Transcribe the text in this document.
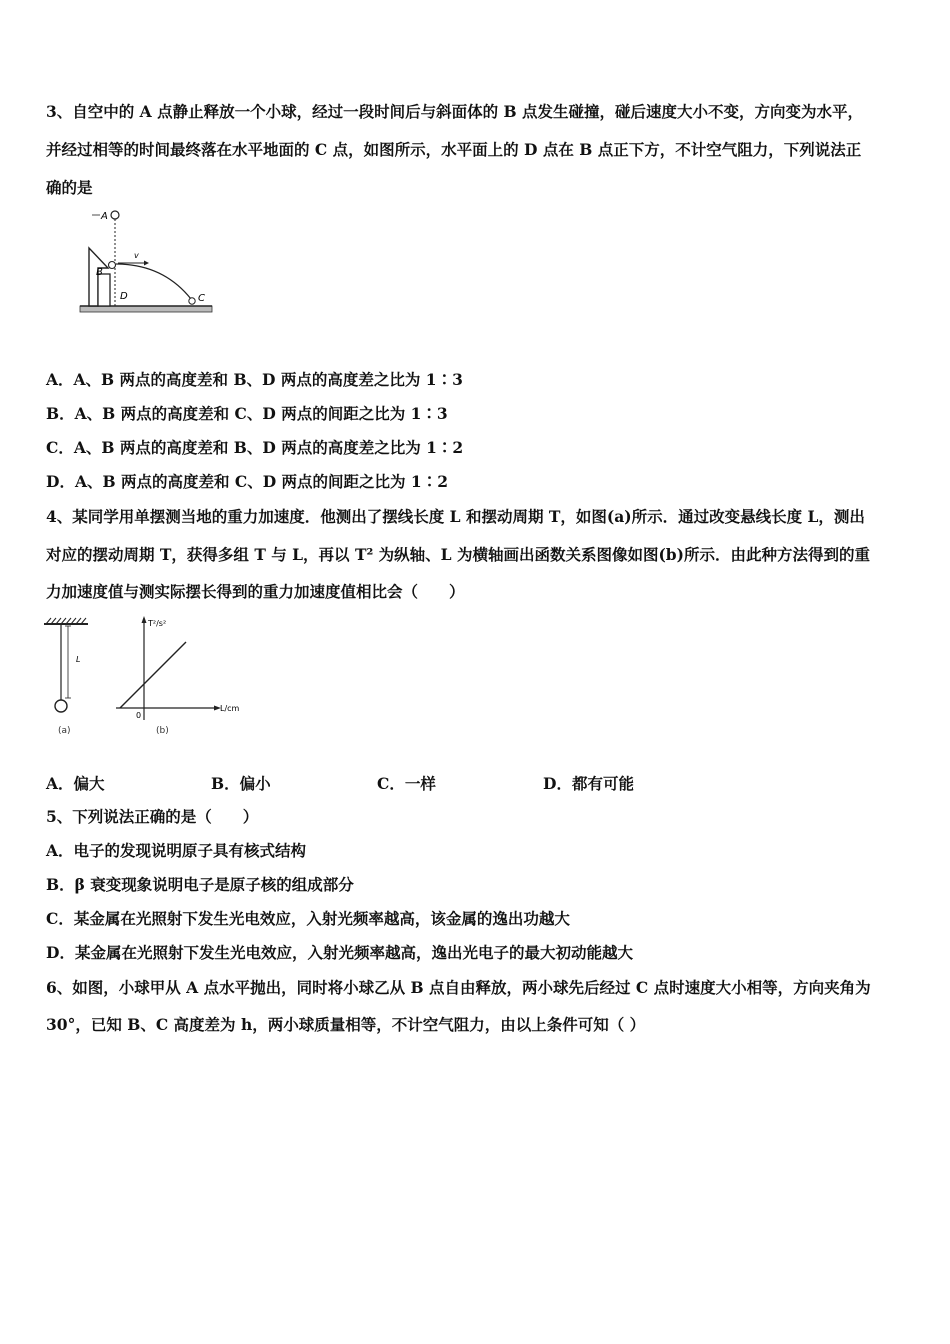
3、自空中的 A 点静止释放一个小球，经过一段时间后与斜面体的 B 点发生碰撞，碰后速度大小不变，方向变为水平，
并经过相等的时间最终落在水平地面的 C 点，如图所示，水平面上的 D 点在 B 点正下方，不计空气阻力，下列说法正
确的是
A
v
B
D	C
A．A、B 两点的高度差和 B、D 两点的高度差之比为 1∶3
B．A、B 两点的高度差和 C、D 两点的间距之比为 1∶3
C．A、B 两点的高度差和 B、D 两点的高度差之比为 1∶2
D．A、B 两点的高度差和 C、D 两点的间距之比为 1∶2
4、某同学用单摆测当地的重力加速度．他测出了摆线长度 L 和摆动周期 T，如图(a)所示．通过改变悬线长度 L，测出
对应的摆动周期 T，获得多组 T 与 L，再以 T² 为纵轴、L 为横轴画出函数关系图像如图(b)所示．由此种方法得到的重
力加速度值与测实际摆长得到的重力加速度值相比会（　　）
L
(a)
T²/s²
L/cm
0
(b)
A．偏大	B．偏小	C．一样	D．都有可能
5、下列说法正确的是（　　）
A．电子的发现说明原子具有核式结构
B．β 衰变现象说明电子是原子核的组成部分
C．某金属在光照射下发生光电效应，入射光频率越高，该金属的逸出功越大
D．某金属在光照射下发生光电效应，入射光频率越高，逸出光电子的最大初动能越大
6、如图，小球甲从 A 点水平抛出，同时将小球乙从 B 点自由释放，两小球先后经过 C 点时速度大小相等，方向夹角为
30°，已知 B、C 高度差为 h，两小球质量相等，不计空气阻力，由以上条件可知（ ）
